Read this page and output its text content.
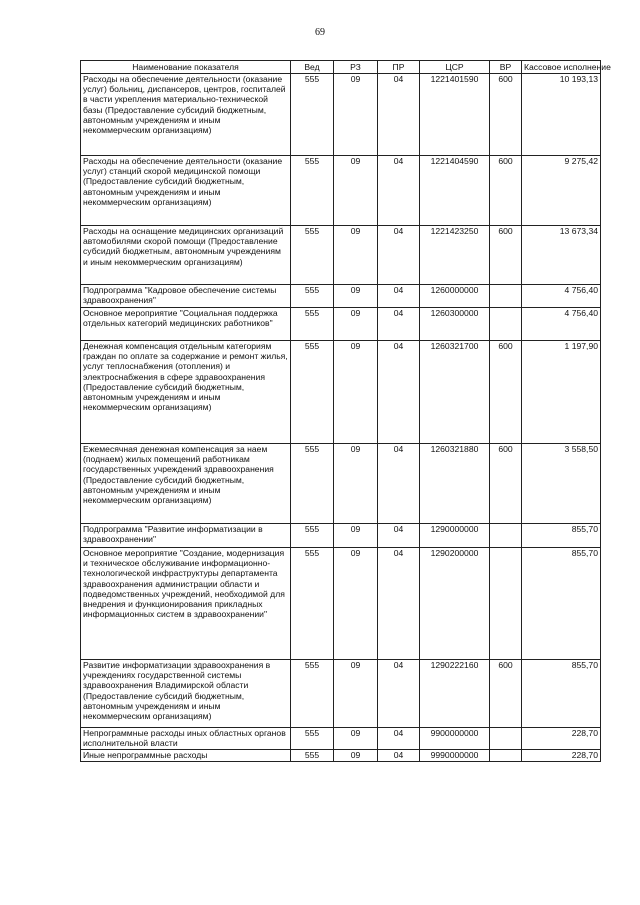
69
Наименование показателя	Вед	РЗ	ПР	ЦСР	ВР	Кассовое исполнение
Расходы на обеспечение деятельности (оказание услуг) больниц, диспансеров, центров, госпиталей в части укрепления материально-технической базы (Предоставление субсидий бюджетным, автономным учреждениям и иным некоммерческим организациям)	555	09	04	1221401590	600	10 193,13
Расходы на обеспечение деятельности (оказание услуг) станций скорой медицинской помощи (Предоставление субсидий бюджетным, автономным учреждениям и иным некоммерческим организациям)	555	09	04	1221404590	600	9 275,42
Расходы на оснащение медицинских организаций автомобилями скорой помощи (Предоставление субсидий бюджетным, автономным учреждениям и иным некоммерческим организациям)	555	09	04	1221423250	600	13 673,34
Подпрограмма "Кадровое обеспечение системы здравоохранения"	555	09	04	1260000000		4 756,40
Основное мероприятие "Социальная поддержка отдельных категорий медицинских работников"	555	09	04	1260300000		4 756,40
Денежная компенсация отдельным категориям граждан по оплате за содержание и ремонт жилья, услуг теплоснабжения (отопления) и электроснабжения в сфере здравоохранения (Предоставление субсидий бюджетным, автономным учреждениям и иным некоммерческим организациям)	555	09	04	1260321700	600	1 197,90
Ежемесячная денежная компенсация за наем (поднаем) жилых помещений работникам государственных учреждений здравоохранения (Предоставление субсидий бюджетным, автономным учреждениям и иным некоммерческим организациям)	555	09	04	1260321880	600	3 558,50
Подпрограмма "Развитие информатизации в здравоохранении"	555	09	04	1290000000		855,70
Основное мероприятие "Создание, модернизация и техническое обслуживание информационно-технологической инфраструктуры департамента здравоохранения администрации области и подведомственных учреждений, необходимой для внедрения и функционирования прикладных информационных систем в здравоохранении"	555	09	04	1290200000		855,70
Развитие информатизации здравоохранения в учреждениях государственной системы здравоохранения Владимирской области (Предоставление субсидий бюджетным, автономным учреждениям и иным некоммерческим организациям)	555	09	04	1290222160	600	855,70
Непрограммные расходы иных областных органов исполнительной власти	555	09	04	9900000000		228,70
Иные непрограммные расходы	555	09	04	9990000000		228,70
